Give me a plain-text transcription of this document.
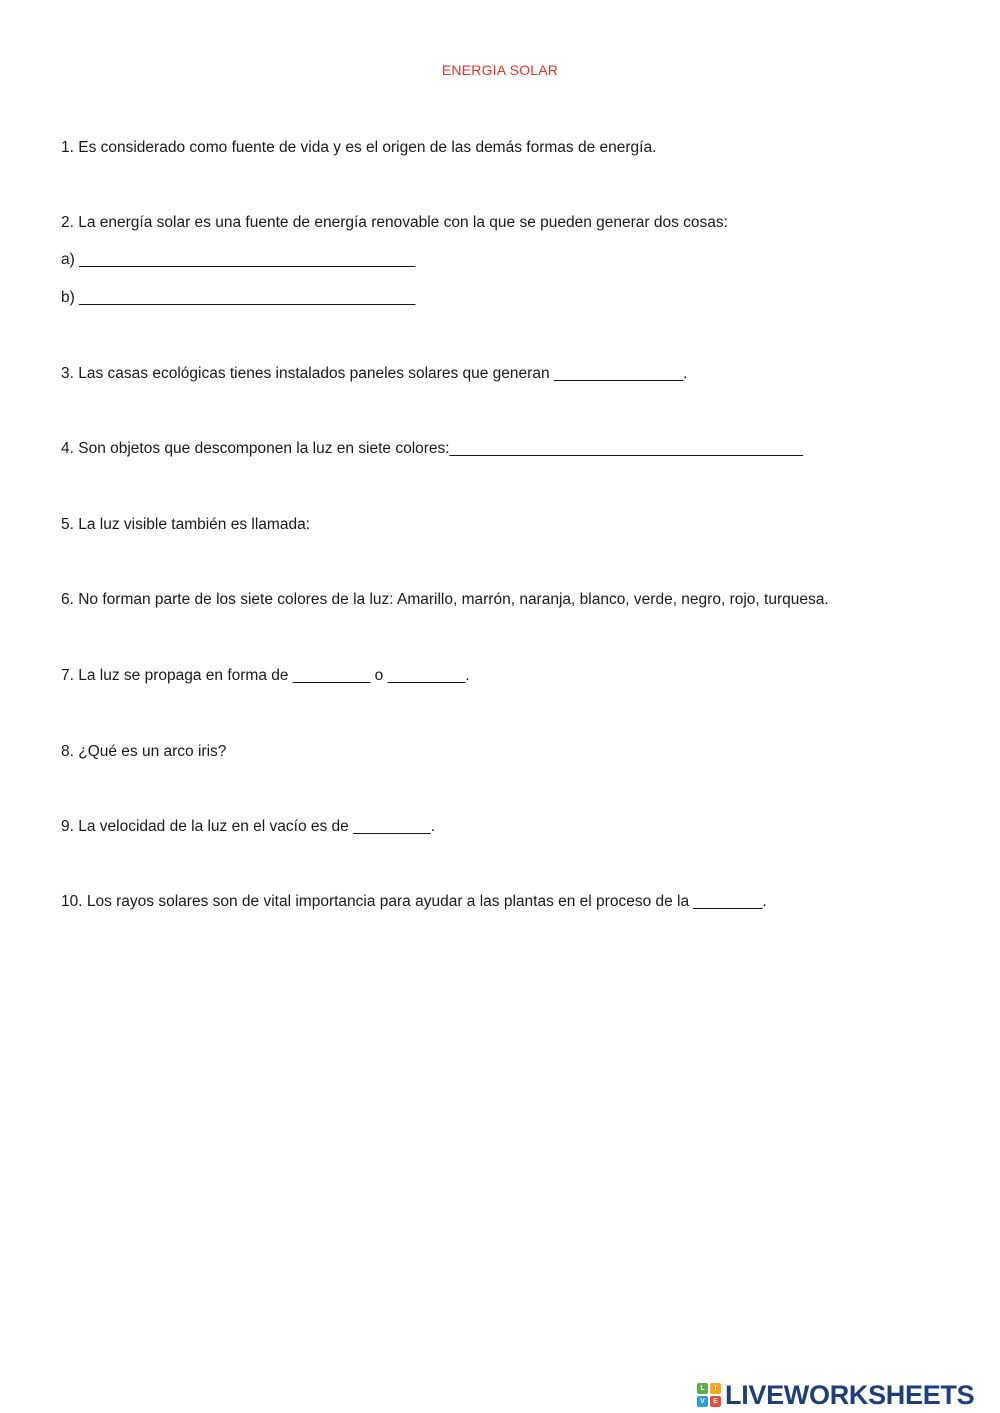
ENERGIA SOLAR
1. Es considerado como fuente de vida y es el origen de las demás formas de energía.
2. La energía solar es una fuente de energía renovable con la que se pueden generar dos cosas:
a) _______________________________________
b) _______________________________________
3. Las casas ecológicas tienes instalados paneles solares que generan _______________.
4. Son objetos que descomponen la luz en siete colores:_________________________________________
5. La luz visible también es llamada:
6. No forman parte de los siete colores de la luz: Amarillo, marrón, naranja, blanco, verde, negro, rojo, turquesa.
7. La luz se propaga en forma de _________ o _________.
8. ¿Qué es un arco iris?
9. La velocidad de la luz en el vacío es de _________.
10. Los rayos solares son de vital importancia para ayudar a las plantas en el proceso de la ________.
L	I
V	E LIVEWORKSHEETS
